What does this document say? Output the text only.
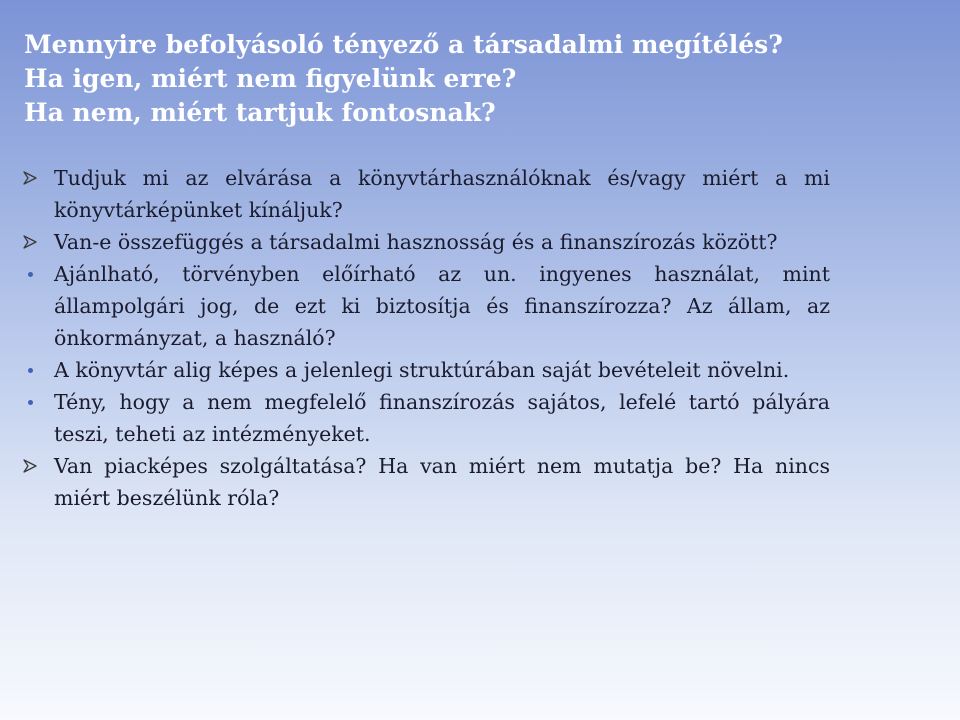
Mennyire befolyásoló tényező a társadalmi megítélés?
Ha igen, miért nem figyelünk erre?
Ha nem, miért tartjuk fontosnak?
Tudjuk mi az elvárása a könyvtárhasználóknak és/vagy miért a mi könyvtárképünket kínáljuk?
Van-e összefüggés a társadalmi hasznosság és a finanszírozás között?
Ajánlható, törvényben előírható az un. ingyenes használat, mint állampolgári jog, de ezt ki biztosítja és finanszírozza? Az állam, az önkormányzat, a használó?
A könyvtár alig képes a jelenlegi struktúrában saját bevételeit növelni.
Tény, hogy a nem megfelelő finanszírozás sajátos, lefelé tartó pályára teszi, teheti az intézményeket.
Van piacképes szolgáltatása? Ha van miért nem mutatja be? Ha nincs miért beszélünk róla?
